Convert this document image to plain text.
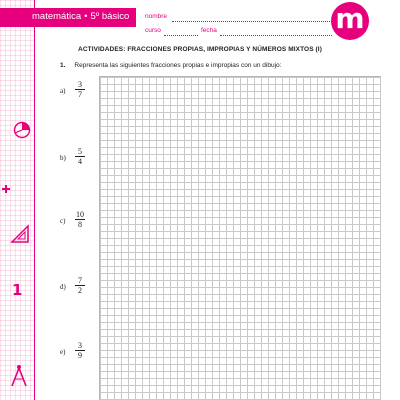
1
matemática • 5º básico nombre
curso	fecha	m
ACTIVIDADES: FRACCIONES PROPIAS, IMPROPIAS Y NÚMEROS MIXTOS (I)
1. Representa las siguientes fracciones propias e impropias con un dibujo:
a)
3
7
b)
5
4
c)
10
8
d)
7
2
e)
3
9
